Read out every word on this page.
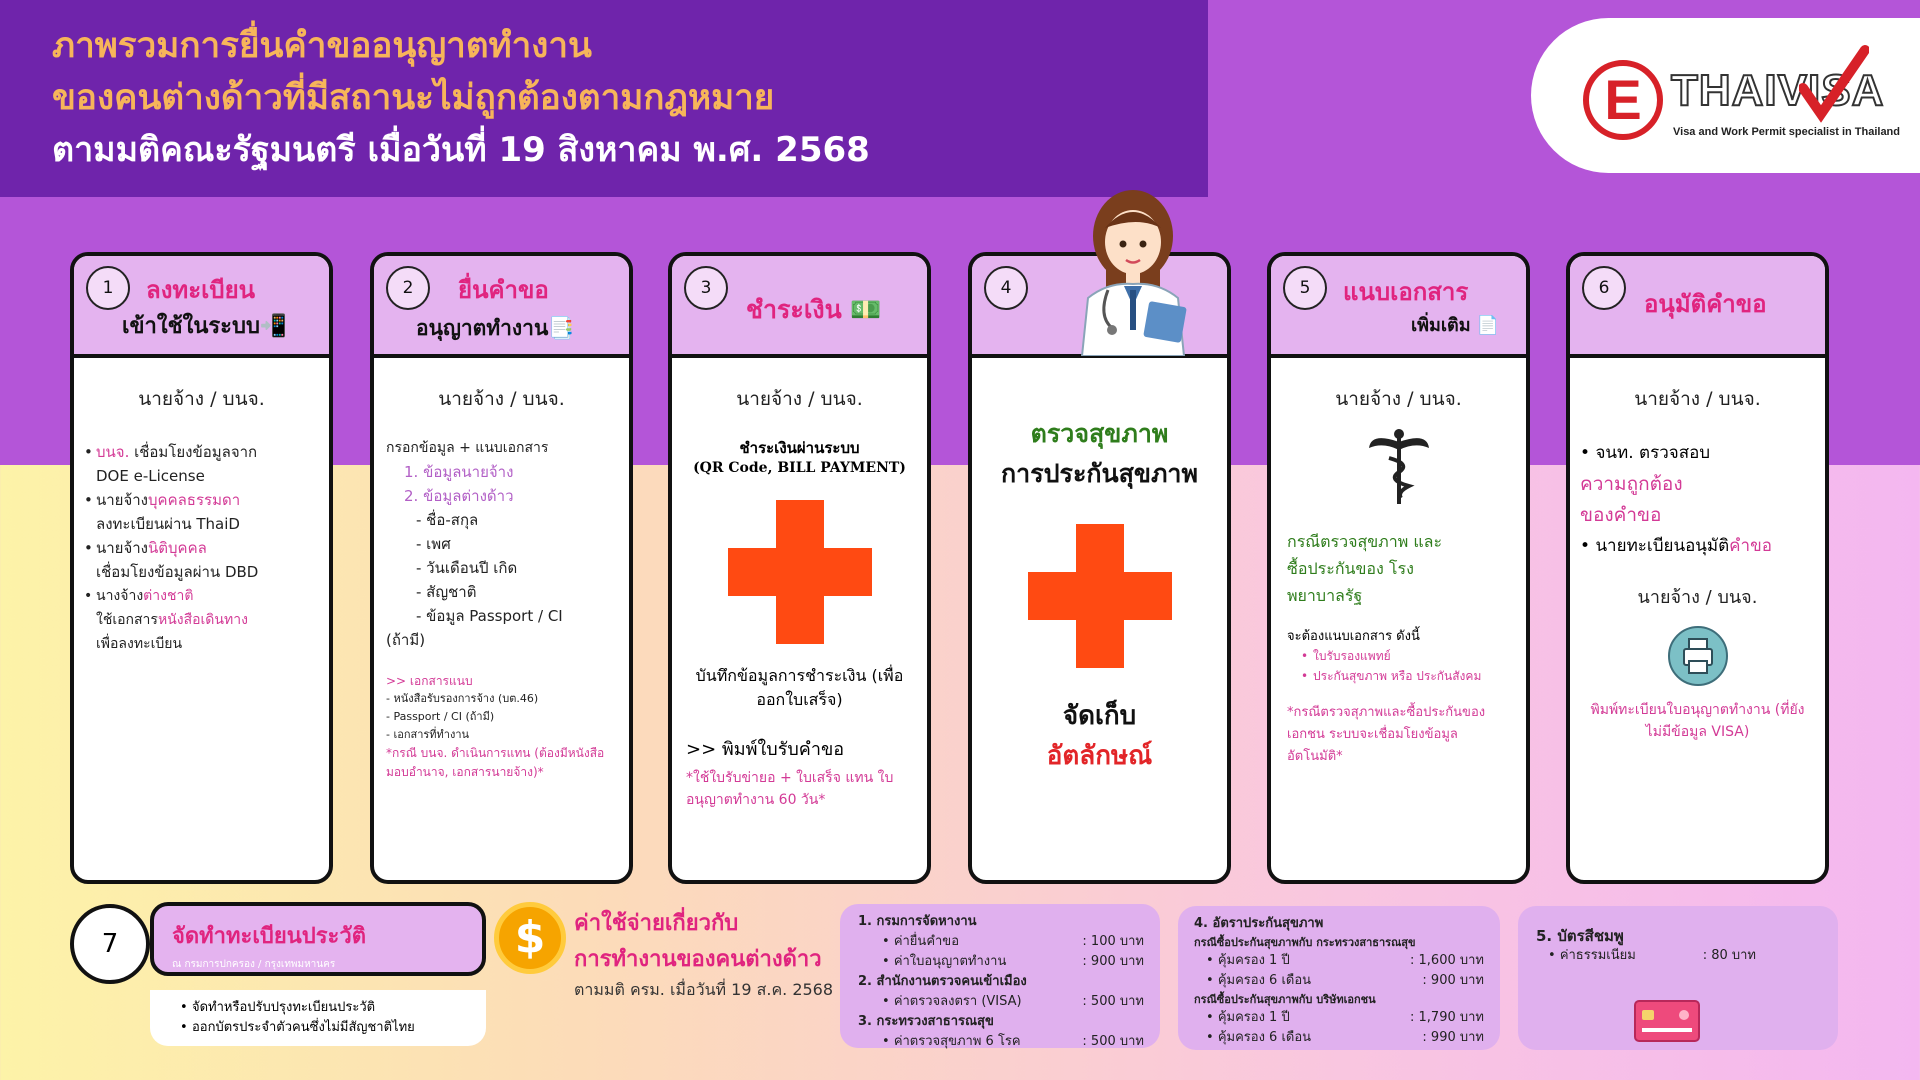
ภาพรวมการยื่นคำขออนุญาตทำงาน
ของคนต่างด้าวที่มีสถานะไม่ถูกต้องตามกฎหมาย
ตามมติคณะรัฐมนตรี เมื่อวันที่ 19 สิงหาคม พ.ศ. 2568
E THAIVISA
Visa and Work Permit specialist in Thailand
1	ลงทะเบียน
เข้าใช้ในระบบ📲
นายจ้าง / บนจ.
• บนจ. เชื่อมโยงข้อมูลจาก
DOE e-License
• นายจ้างบุคคลธรรมดา
ลงทะเบียนผ่าน ThaiD
• นายจ้างนิติบุคคล
เชื่อมโยงข้อมูลผ่าน DBD
• นางจ้างต่างชาติ
ใช้เอกสารหนังสือเดินทาง
เพื่อลงทะเบียน
2	ยื่นคำขอ
อนุญาตทำงาน📑
นายจ้าง / บนจ.
กรอกข้อมูล + แนบเอกสาร
1. ข้อมูลนายจ้าง
2. ข้อมูลต่างด้าว
- ชื่อ-สกุล
- เพศ
- วันเดือนปี เกิด
- สัญชาติ
- ข้อมูล Passport / CI
(ถ้ามี)
>> เอกสารแนบ
- หนังสือรับรองการจ้าง (บต.46)
- Passport / CI (ถ้ามี)
- เอกสารที่ทำงาน
*กรณี บนจ. ดำเนินการแทน (ต้องมีหนังสือมอบอำนาจ, เอกสารนายจ้าง)*
3
ชำระเงิน 💵
นายจ้าง / บนจ.
ชำระเงินผ่านระบบ
(QR Code, BILL PAYMENT)
บันทึกข้อมูลการชำระเงิน (เพื่อออกใบเสร็จ)
>> พิมพ์ใบรับคำขอ
*ใช้ใบรับข่ายอ + ใบเสร็จ แทน ใบอนุญาตทำงาน 60 วัน*
4
ตรวจสุขภาพ
การประกันสุขภาพ
จัดเก็บ
อัตลักษณ์
5	แนบเอกสาร
เพิ่มเติม 📄
นายจ้าง / บนจ.
กรณีตรวจสุขภาพ และซื้อประกันของ โรงพยาบาลรัฐ
จะต้องแนบเอกสาร ดังนี้
• ใบรับรองแพทย์
• ประกันสุขภาพ หรือ ประกันสังคม
*กรณีตรวจสุภาพและซื้อประกันของเอกชน ระบบจะเชื่อมโยงข้อมูลอัตโนมัติ*
6
อนุมัติคำขอ
นายจ้าง / บนจ.
• จนท. ตรวจสอบ
ความถูกต้อง
ของคำขอ
• นายทะเบียนอนุมัติคำขอ
นายจ้าง / บนจ.
พิมพ์ทะเบียนใบอนุญาตทำงาน (ที่ยังไม่มีข้อมูล VISA)
7
• จัดทำหรือปรับปรุงทะเบียนประวัติ
• ออกบัตรประจำตัวคนซึ่งไม่มีสัญชาติไทย
จัดทำทะเบียนประวัติ
ณ กรมการปกครอง / กรุงเทพมหานคร
$	ค่าใช้จ่ายเกี่ยวกับ
การทำงานของคนต่างด้าว
ตามมติ ครม. เมื่อวันที่ 19 ส.ค. 2568
1. กรมการจัดหางาน
• ค่ายื่นคำขอ	: 100 บาท
• ค่าใบอนุญาตทำงาน	: 900 บาท
2. สำนักงานตรวจคนเข้าเมือง
• ค่าตรวจลงตรา (VISA)	: 500 บาท
3. กระทรวงสาธารณสุข
• ค่าตรวจสุขภาพ 6 โรค	: 500 บาท
4. อัตราประกันสุขภาพ
กรณีซื้อประกันสุขภาพกับ กระทรวงสาธารณสุข
• คุ้มครอง 1 ปี	: 1,600 บาท
• คุ้มครอง 6 เดือน	: 900 บาท
กรณีซื้อประกันสุขภาพกับ บริษัทเอกชน
• คุ้มครอง 1 ปี	: 1,790 บาท
• คุ้มครอง 6 เดือน	: 990 บาท
5. บัตรสีชมพู
• ค่าธรรมเนียม	: 80 บาท
